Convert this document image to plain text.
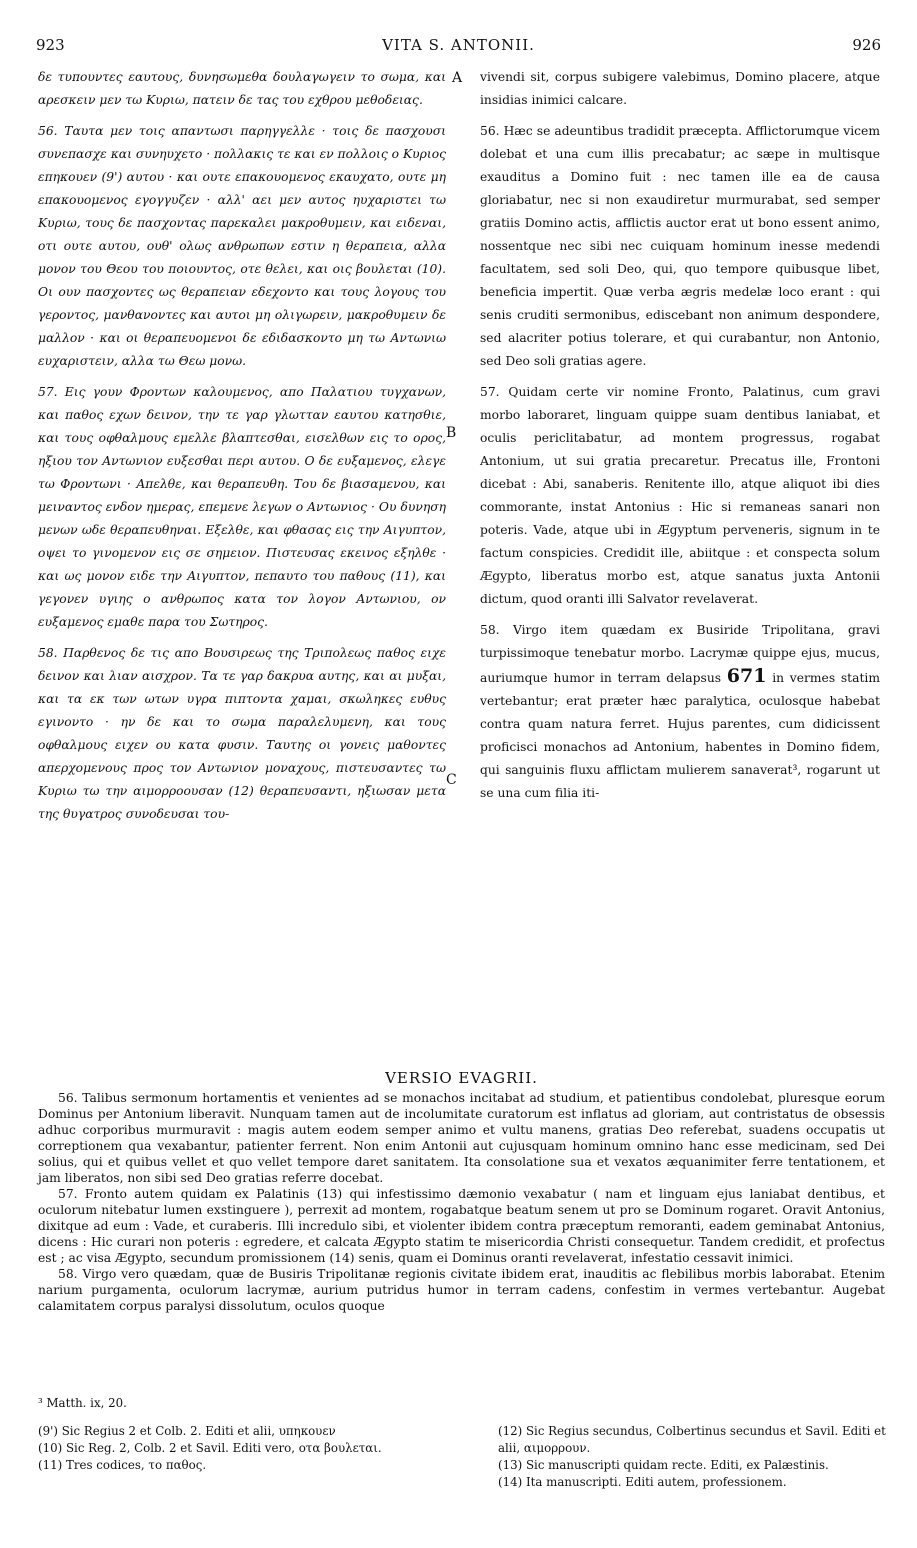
923	VITA S. ANTONII.	926

δε τυπουντες εαυτους, δυνησωμεθα δουλαγωγειν το σωμα, και αρεσκειν μεν τω Κυριω, πατειν δε τας του εχθρου μεθοδειας.

56. Ταυτα μεν τοις απαντωσι παρηγγελλε · τοις δε πασχουσι συνεπασχε και συνηυχετο · πολλακις τε και εν πολλοις ο Κυριος επηκουεν (9') αυτου · και ουτε επακουομενος εκαυχατο, ουτε μη επακουομενος εγογγυζεν · αλλ' αει μεν αυτος ηυχαριστει τω Κυριω, τους δε πασχοντας παρεκαλει μακροθυμειν, και ειδεναι, οτι ουτε αυτου, ουθ' ολως ανθρωπων εστιν η θεραπεια, αλλα μονον του Θεου του ποιουντος, οτε θελει, και οις βουλεται (10). Οι ουν πασχοντες ως θεραπειαν εδεχοντο και τους λογους του γεροντος, μανθανοντες και αυτοι μη ολιγωρειν, μακροθυμειν δε μαλλον · και οι θεραπευομενοι δε εδιδασκοντο μη τω Αντωνιω ευχαριστειν, αλλα τω Θεω μονω.

57. Εις γουν Φροντων καλουμενος, απο Παλατιου τυγχανων, και παθος εχων δεινον, την τε γαρ γλωτταν εαυτου κατησθιε, και τους οφθαλμους εμελλε βλαπτεσθαι, εισελθων εις το ορος, ηξιου τον Αντωνιον ευξεσθαι περι αυτου. Ο δε ευξαμενος, ελεγε τω Φροντωνι · Απελθε, και θεραπευθη. Του δε βιασαμενου, και μειναντος ενδον ημερας, επεμενε λεγων ο Αντωνιος · Ου δυνηση μενων ωδε θεραπευθηναι. Εξελθε, και φθασας εις την Αιγυπτον, οψει το γινομενον εις σε σημειον. Πιστευσας εκεινος εξηλθε · και ως μονον ειδε την Αιγυπτον, πεπαυτο του παθους (11), και γεγονεν υγιης ο ανθρωπος κατα τον λογον Αντωνιου, ον ευξαμενος εμαθε παρα του Σωτηρος.

58. Παρθενος δε τις απο Βουσιρεως της Τριπολεως παθος ειχε δεινον και λιαν αισχρον. Τα τε γαρ δακρυα αυτης, και αι μυξαι, και τα εκ των ωτων υγρα πιπτοντα χαμαι, σκωληκες ευθυς εγινοντο · ην δε και το σωμα παραλελυμενη, και τους οφθαλμους ειχεν ου κατα φυσιν. Ταυτης οι γονεις μαθοντες απερχομενους προς τον Αντωνιον μοναχους, πιστευσαντες τω Κυριω τω την αιμορροουσαν (12) θεραπευσαντι, ηξιωσαν μετα της θυγατρος συνοδευσαι του-

A
B
C

vivendi sit, corpus subigere valebimus, Domino placere, atque insidias inimici calcare.

56. Hæc se adeuntibus tradidit præcepta. Afflictorumque vicem dolebat et una cum illis precabatur; ac sæpe in multisque exauditus a Domino fuit : nec tamen ille ea de causa gloriabatur, nec si non exaudiretur murmurabat, sed semper gratiis Domino actis, afflictis auctor erat ut bono essent animo, nossentque nec sibi nec cuiquam hominum inesse medendi facultatem, sed soli Deo, qui, quo tempore quibusque libet, beneficia impertit. Quæ verba ægris medelæ loco erant : qui senis cruditi sermonibus, ediscebant non animum despondere, sed alacriter potius tolerare, et qui curabantur, non Antonio, sed Deo soli gratias agere.

57. Quidam certe vir nomine Fronto, Palatinus, cum gravi morbo laboraret, linguam quippe suam dentibus laniabat, et oculis periclitabatur, ad montem progressus, rogabat Antonium, ut sui gratia precaretur. Precatus ille, Frontoni dicebat : Abi, sanaberis. Renitente illo, atque aliquot ibi dies commorante, instat Antonius : Hic si remaneas sanari non poteris. Vade, atque ubi in Ægyptum perveneris, signum in te factum conspicies. Credidit ille, abiitque : et conspecta solum Ægypto, liberatus morbo est, atque sanatus juxta Antonii dictum, quod oranti illi Salvator revelaverat.

58. Virgo item quædam ex Busiride Tripolitana, gravi turpissimoque tenebatur morbo. Lacrymæ quippe ejus, mucus, auriumque humor in terram delapsus 671 in vermes statim vertebantur; erat præter hæc paralytica, oculosque habebat contra quam natura ferret. Hujus parentes, cum didicissent proficisci monachos ad Antonium, habentes in Domino fidem, qui sanguinis fluxu afflictam mulierem sanaverat³, rogarunt ut se una cum filia iti-

VERSIO EVAGRII.

56. Talibus sermonum hortamentis et venientes ad se monachos incitabat ad studium, et patientibus condolebat, pluresque eorum Dominus per Antonium liberavit. Nunquam tamen aut de incolumitate curatorum est inflatus ad gloriam, aut contristatus de obsessis adhuc corporibus murmuravit : magis autem eodem semper animo et vultu manens, gratias Deo referebat, suadens occupatis ut correptionem qua vexabantur, patienter ferrent. Non enim Antonii aut cujusquam hominum omnino hanc esse medicinam, sed Dei solius, qui et quibus vellet et quo vellet tempore daret sanitatem. Ita consolatione sua et vexatos æquanimiter ferre tentationem, et jam liberatos, non sibi sed Deo gratias referre docebat.

57. Fronto autem quidam ex Palatinis (13) qui infestissimo dæmonio vexabatur ( nam et linguam ejus laniabat dentibus, et oculorum nitebatur lumen exstinguere ), perrexit ad montem, rogabatque beatum senem ut pro se Dominum rogaret. Oravit Antonius, dixitque ad eum : Vade, et curaberis. Illi incredulo sibi, et violenter ibidem contra præceptum remoranti, eadem geminabat Antonius, dicens : Hic curari non poteris : egredere, et calcata Ægypto statim te misericordia Christi consequetur. Tandem credidit, et profectus est ; ac visa Ægypto, secundum promissionem (14) senis, quam ei Dominus oranti revelaverat, infestatio cessavit inimici.

58. Virgo vero quædam, quæ de Busiris Tripolitanæ regionis civitate ibidem erat, inauditis ac flebilibus morbis laborabat. Etenim narium purgamenta, oculorum lacrymæ, aurium putridus humor in terram cadens, confestim in vermes vertebantur. Augebat calamitatem corpus paralysi dissolutum, oculos quoque

³ Matth. ix, 20.
(9') Sic Regius 2 et Colb. 2. Editi et alii, υπηκουεν
(10) Sic Reg. 2, Colb. 2 et Savil. Editi vero, οτα βουλεται.
(11) Tres codices, το παθος.
(12) Sic Regius secundus, Colbertinus secundus et Savil. Editi et alii, αιμορρουν.
(13) Sic manuscripti quidam recte. Editi, ex Palæstinis.
(14) Ita manuscripti. Editi autem, professionem.
